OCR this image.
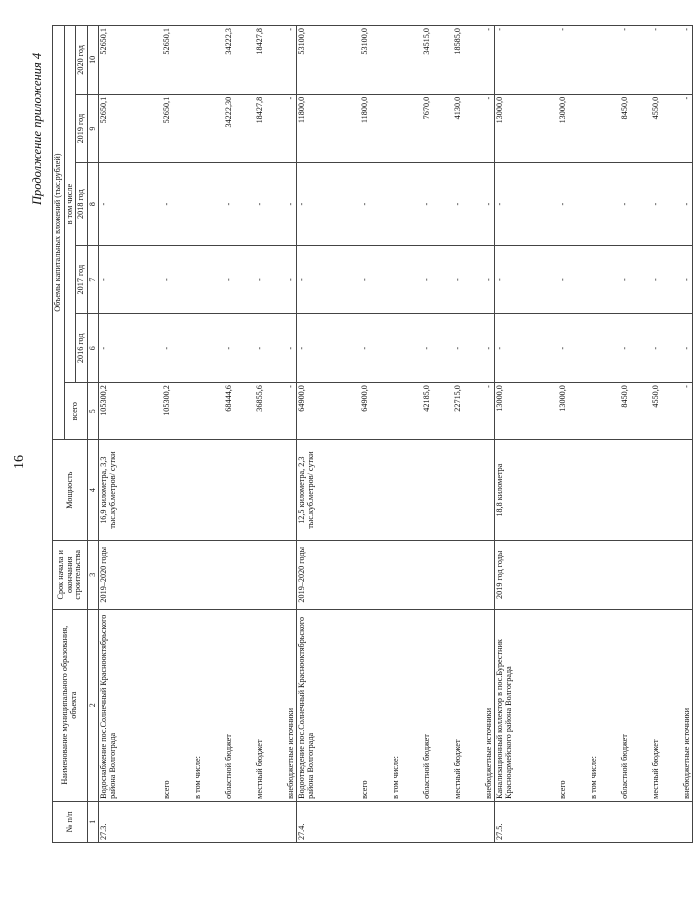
16
Продолжение приложения 4
№ п/п	Наименование муниципального образования, объекта	Срок начала и окончания строительства	Мощность	Объемы капитальных вложений (тыс.рублей)					
				всего	в том числе				
					2016 год	2017 год	2018 год	2019 год	2020 год
1	2	3	4	5	6	7	8	9	10
27.3.	Водоснабжение пос.Солнечный Краснооктябрьского района Волгограда	2019–2020 годы	16,9 километра, 3,3 тыс.куб.метров/ сутки	105300,2	-	-	-	52650,1	52650,1
	всего			105300,2	-	-	-	52650,1	52650,1
	в том числе:								
	областной бюджет			68444,6	-	-	-	34222,30	34222,3
	местный бюджет			36855,6	-	-	-	18427,8	18427,8
	внебюджетные источники			-	-	-	-	-	-
27.4.	Водоотведение пос.Солнечный Краснооктябрьского района Волгограда	2019–2020 годы	12,5 километра, 2,3 тыс.куб.метров/ сутки	64900,0	-	-	-	11800,0	53100,0
	всего			64900,0	-	-	-	11800,0	53100,0
	в том числе:								
	областной бюджет			42185,0	-	-	-	7670,0	34515,0
	местный бюджет			22715,0	-	-	-	4130,0	18585,0
	внебюджетные источники			-	-	-	-	-	-
27.5.	Канализационный коллектор в пос.Бурестник Красноармейского района Волгограда	2019 год годы	18,8 километра	13000,0	-	-	-	13000,0	-
	всего			13000,0	-	-	-	13000,0	-
	в том числе:								
	областной бюджет			8450,0	-	-	-	8450,0	-
	местный бюджет			4550,0	-	-	-	4550,0	-
	внебюджетные источники			-	-	-	-	-	-
